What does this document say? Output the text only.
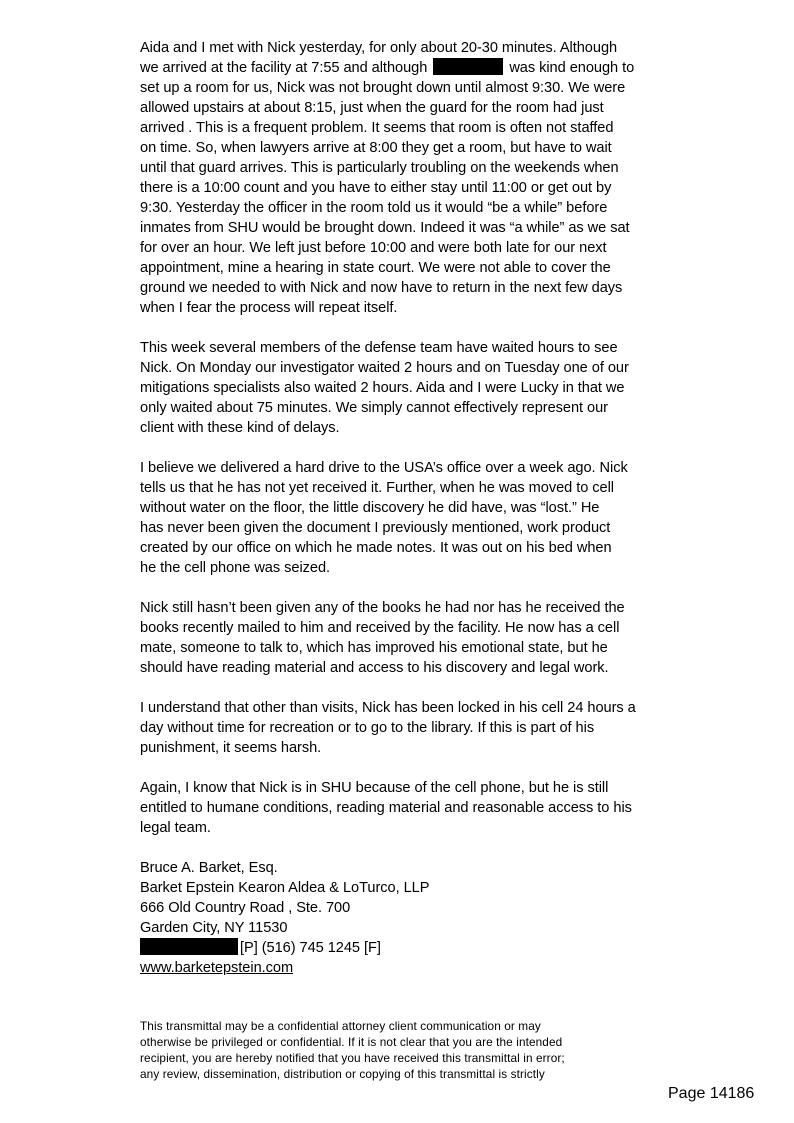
Aida and I met with Nick yesterday, for only about 20-30 minutes. Although
we arrived at the facility at 7:55 and although	was kind enough to
set up a room for us, Nick was not brought down until almost 9:30. We were
allowed upstairs at about 8:15, just when the guard for the room had just
arrived . This is a frequent problem. It seems that room is often not staffed
on time. So, when lawyers arrive at 8:00 they get a room, but have to wait
until that guard arrives. This is particularly troubling on the weekends when
there is a 10:00 count and you have to either stay until 11:00 or get out by
9:30. Yesterday the officer in the room told us it would “be a while” before
inmates from SHU would be brought down. Indeed it was “a while” as we sat
for over an hour. We left just before 10:00 and were both late for our next
appointment, mine a hearing in state court. We were not able to cover the
ground we needed to with Nick and now have to return in the next few days
when I fear the process will repeat itself.

This week several members of the defense team have waited hours to see
Nick. On Monday our investigator waited 2 hours and on Tuesday one of our
mitigations specialists also waited 2 hours. Aida and I were Lucky in that we
only waited about 75 minutes. We simply cannot effectively represent our
client with these kind of delays.

I believe we delivered a hard drive to the USA’s office over a week ago. Nick
tells us that he has not yet received it. Further, when he was moved to cell
without water on the floor, the little discovery he did have, was “lost.” He
has never been given the document I previously mentioned, work product
created by our office on which he made notes. It was out on his bed when
he the cell phone was seized.

Nick still hasn’t been given any of the books he had nor has he received the
books recently mailed to him and received by the facility. He now has a cell
mate, someone to talk to, which has improved his emotional state, but he
should have reading material and access to his discovery and legal work.

I understand that other than visits, Nick has been locked in his cell 24 hours a
day without time for recreation or to go to the library. If this is part of his
punishment, it seems harsh.

Again, I know that Nick is in SHU because of the cell phone, but he is still
entitled to humane conditions, reading material and reasonable access to his
legal team.

Bruce A. Barket, Esq.
Barket Epstein Kearon Aldea & LoTurco, LLP
666 Old Country Road , Ste. 700
Garden City, NY 11530
[P] (516) 745 1245 [F]
www.barketepstein.com
This transmittal may be a confidential attorney client communication or may
otherwise be privileged or confidential. If it is not clear that you are the intended
recipient, you are hereby notified that you have received this transmittal in error;
any review, dissemination, distribution or copying of this transmittal is strictly
Page 14186
